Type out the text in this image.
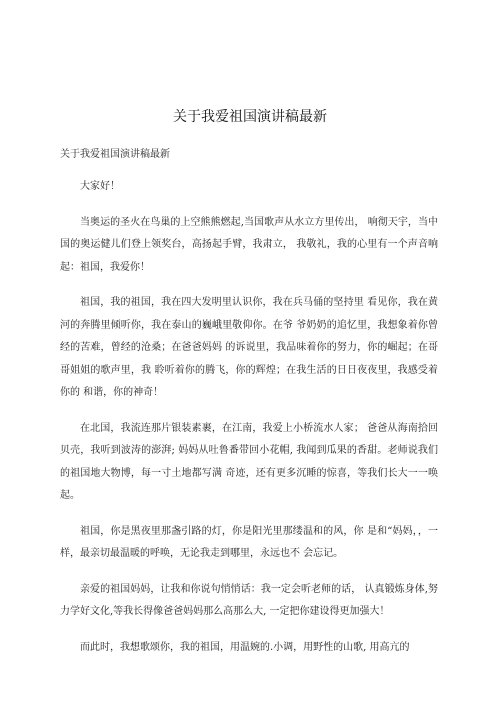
关于我爱祖国演讲稿最新
关于我爱祖国演讲稿最新

大家好！

当奥运的圣火在鸟巢的上空熊熊燃起,当国歌声从水立方里传出， 响彻天宇，当中国的奥运健儿们登上领奖台，高扬起手臂，我肃立， 我敬礼，我的心里有一个声音响起：祖国，我爱你！

祖国，我的祖国，我在四大发明里认识你，我在兵马俑的坚持里 看见你，我在黄河的奔腾里倾听你，我在泰山的巍峨里敬仰你。在爷 爷奶奶的追忆里，我想象着你曾经的苦难，曾经的沧桑；在爸爸妈妈 的诉说里，我品味着你的努力，你的崛起；在哥哥姐姐的歌声里，我 聆听着你的腾飞，你的辉煌；在我生活的日日夜夜里，我感受着你的 和谐，你的神奇！

在北国，我流连那片银装素裹，在江南，我爱上小桥流水人家； 爸爸从海南拾回贝壳，我听到波涛的澎湃; 妈妈从吐鲁番带回小花帽, 我闻到瓜果的香甜。老师说我们的祖国地大物博，每一寸土地都写满 奇迹，还有更多沉睡的惊喜，等我们长大一一唤起。

祖国，你是黑夜里那盏引路的灯，你是阳光里那缕温和的风，你 是和“妈妈，，一样，最亲切最温暖的呼唤，无论我走到哪里，永远也不 会忘记。

亲爱的祖国妈妈，让我和你说句悄悄话：我一定会听老师的话， 认真锻炼身体,努力学好文化,等我长得像爸爸妈妈那么高那么大, 一定把你建设得更加强大！

而此时，我想歌颂你，我的祖国，用温婉的.小调，用野性的山歌, 用高亢的
